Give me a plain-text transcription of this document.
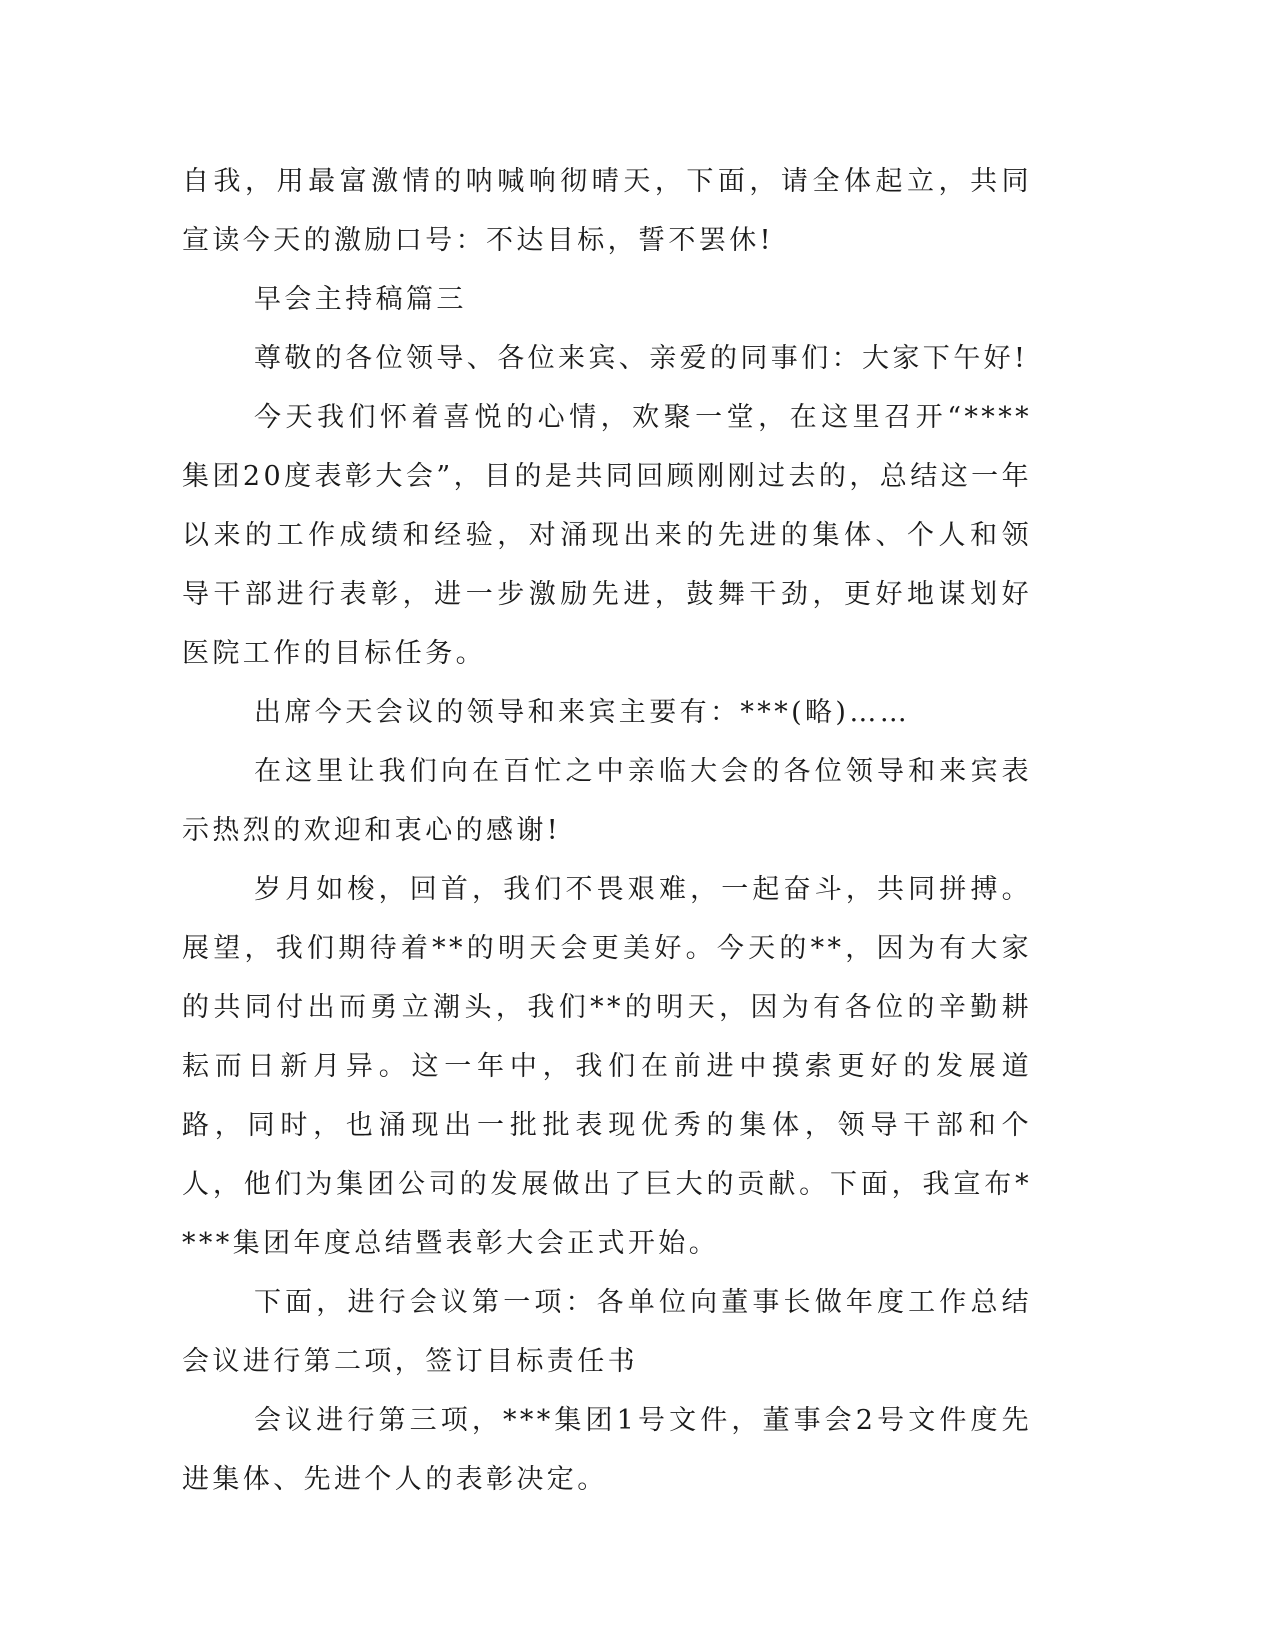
自我，用最富激情的呐喊响彻晴天，下面，请全体起立，共同宣读今天的激励口号：不达目标，誓不罢休!

早会主持稿篇三

尊敬的各位领导、各位来宾、亲爱的同事们：大家下午好!

今天我们怀着喜悦的心情，欢聚一堂，在这里召开“****集团20度表彰大会”，目的是共同回顾刚刚过去的，总结这一年以来的工作成绩和经验，对涌现出来的先进的集体、个人和领导干部进行表彰，进一步激励先进，鼓舞干劲，更好地谋划好医院工作的目标任务。

出席今天会议的领导和来宾主要有：***(略)……

在这里让我们向在百忙之中亲临大会的各位领导和来宾表示热烈的欢迎和衷心的感谢!

岁月如梭，回首，我们不畏艰难，一起奋斗，共同拼搏。展望，我们期待着**的明天会更美好。今天的**，因为有大家的共同付出而勇立潮头，我们**的明天，因为有各位的辛勤耕耘而日新月异。这一年中，我们在前进中摸索更好的发展道路，同时，也涌现出一批批表现优秀的集体，领导干部和个人，他们为集团公司的发展做出了巨大的贡献。下面，我宣布****集团年度总结暨表彰大会正式开始。

下面，进行会议第一项：各单位向董事长做年度工作总结会议进行第二项，签订目标责任书

会议进行第三项，***集团1号文件，董事会2号文件度先进集体、先进个人的表彰决定。
